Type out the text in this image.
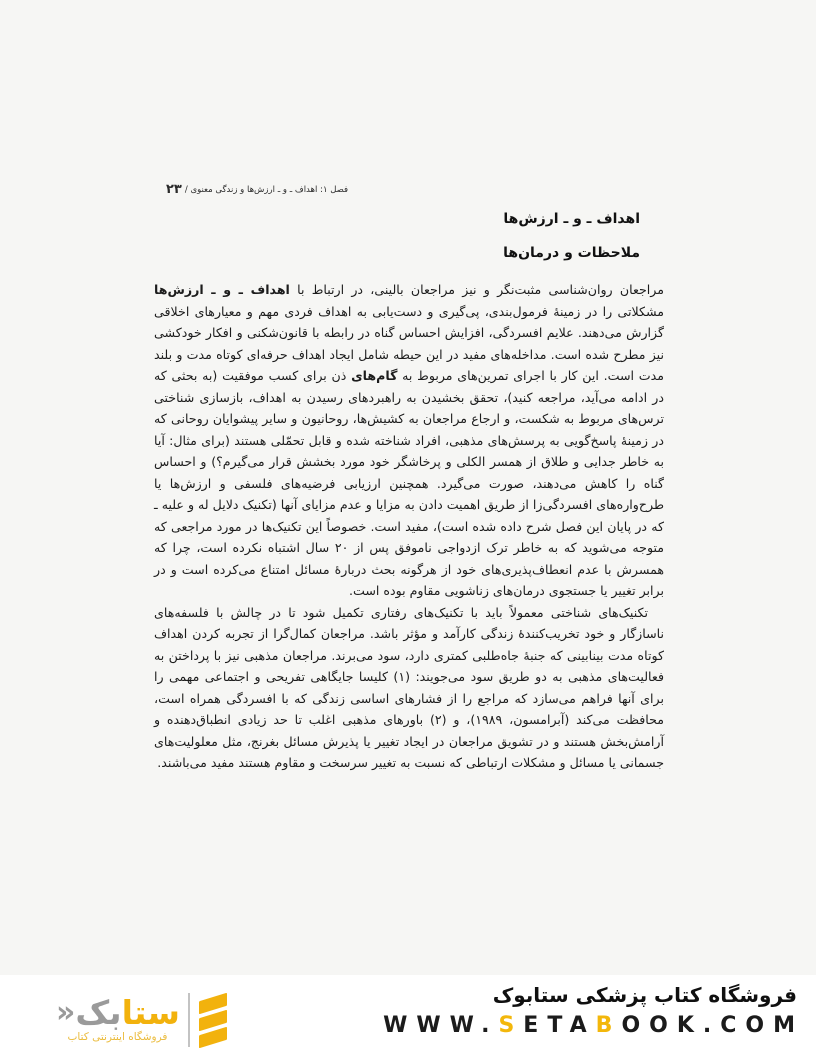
فصل ۱: اهداف ـ و ـ ارزش‌ها و زندگی معنوی /
۲۳
اهداف ـ و ـ ارزش‌ها
ملاحظات و درمان‌ها

مراجعان روان‌شناسی مثبت‌نگر و نیز مراجعان بالینی، در ارتباط با اهداف ـ و ـ ارزش‌ها مشکلاتی را در زمینهٔ فرمول‌بندی، پی‌گیری و دست‌یابی به اهداف فردی مهم و معیارهای اخلاقی گزارش می‌دهند. علایم افسردگی، افزایش احساس گناه در رابطه با قانون‌شکنی و افکار خودکشی نیز مطرح شده است. مداخله‌های مفید در این حیطه شامل ایجاد اهداف حرفه‌ای کوتاه مدت و بلند مدت است. این کار با اجرای تمرین‌های مربوط به گام‌های ذن برای کسب موفقیت (به بحثی که در ادامه می‌آید، مراجعه کنید)، تحقق بخشیدن به راهبردهای رسیدن به اهداف، بازسازی شناختی ترس‌های مربوط به شکست، و ارجاع مراجعان به کشیش‌ها، روحانیون و سایر پیشوایان روحانی که در زمینهٔ پاسخ‌گویی به پرسش‌های مذهبی، افراد شناخته شده و قابل تحمّلی هستند (برای مثال: آیا به خاطر جدایی و طلاق از همسر الکلی و پرخاشگر خود مورد بخشش قرار می‌گیرم؟) و احساس گناه را کاهش می‌دهند، صورت می‌گیرد. همچنین ارزیابی فرضیه‌های فلسفی و ارزش‌ها یا طرح‌واره‌های افسردگی‌زا از طریق اهمیت دادن به مزایا و عدم مزایای آنها (تکنیک دلایل له و علیه ـ که در پایان این فصل شرح داده شده است)، مفید است. خصوصاً این تکنیک‌ها در مورد مراجعی که متوجه می‌شوید که به خاطر ترک ازدواجی ناموفق پس از ۲۰ سال اشتباه نکرده است، چرا که همسرش با عدم انعطاف‌پذیری‌های خود از هرگونه بحث دربارهٔ مسائل امتناع می‌کرده است و در برابر تغییر یا جستجوی درمان‌های زناشویی مقاوم بوده است.

تکنیک‌های شناختی معمولاً باید با تکنیک‌های رفتاری تکمیل شود تا در چالش با فلسفه‌های ناسازگار و خود تخریب‌کنندهٔ زندگی کارآمد و مؤثر باشد. مراجعان کمال‌گرا از تجربه کردن اهداف کوتاه مدت بینابینی که جنبهٔ جاه‌طلبی کمتری دارد، سود می‌برند. مراجعان مذهبی نیز با پرداختن به فعالیت‌های مذهبی به دو طریق سود می‌جویند: (۱) کلیسا جایگاهی تفریحی و اجتماعی مهمی را برای آنها فراهم می‌سازد که مراجع را از فشارهای اساسی زندگی که با افسردگی همراه است، محافظت می‌کند (آبرامسون، ۱۹۸۹)، و (۲) باورهای مذهبی اغلب تا حد زیادی انطباق‌دهنده و آرامش‌بخش هستند و در تشویق مراجعان در ایجاد تغییر یا پذیرش مسائل بغرنج، مثل معلولیت‌های جسمانی یا مسائل و مشکلات ارتباطی که نسبت به تغییر سرسخت و مقاوم هستند مفید می‌باشند.

فروشگاه کتاب پزشکی ستابوک
WWW.SETABOOK.COM
ستا
بک
«
فروشگاه اینترنتی کتاب
